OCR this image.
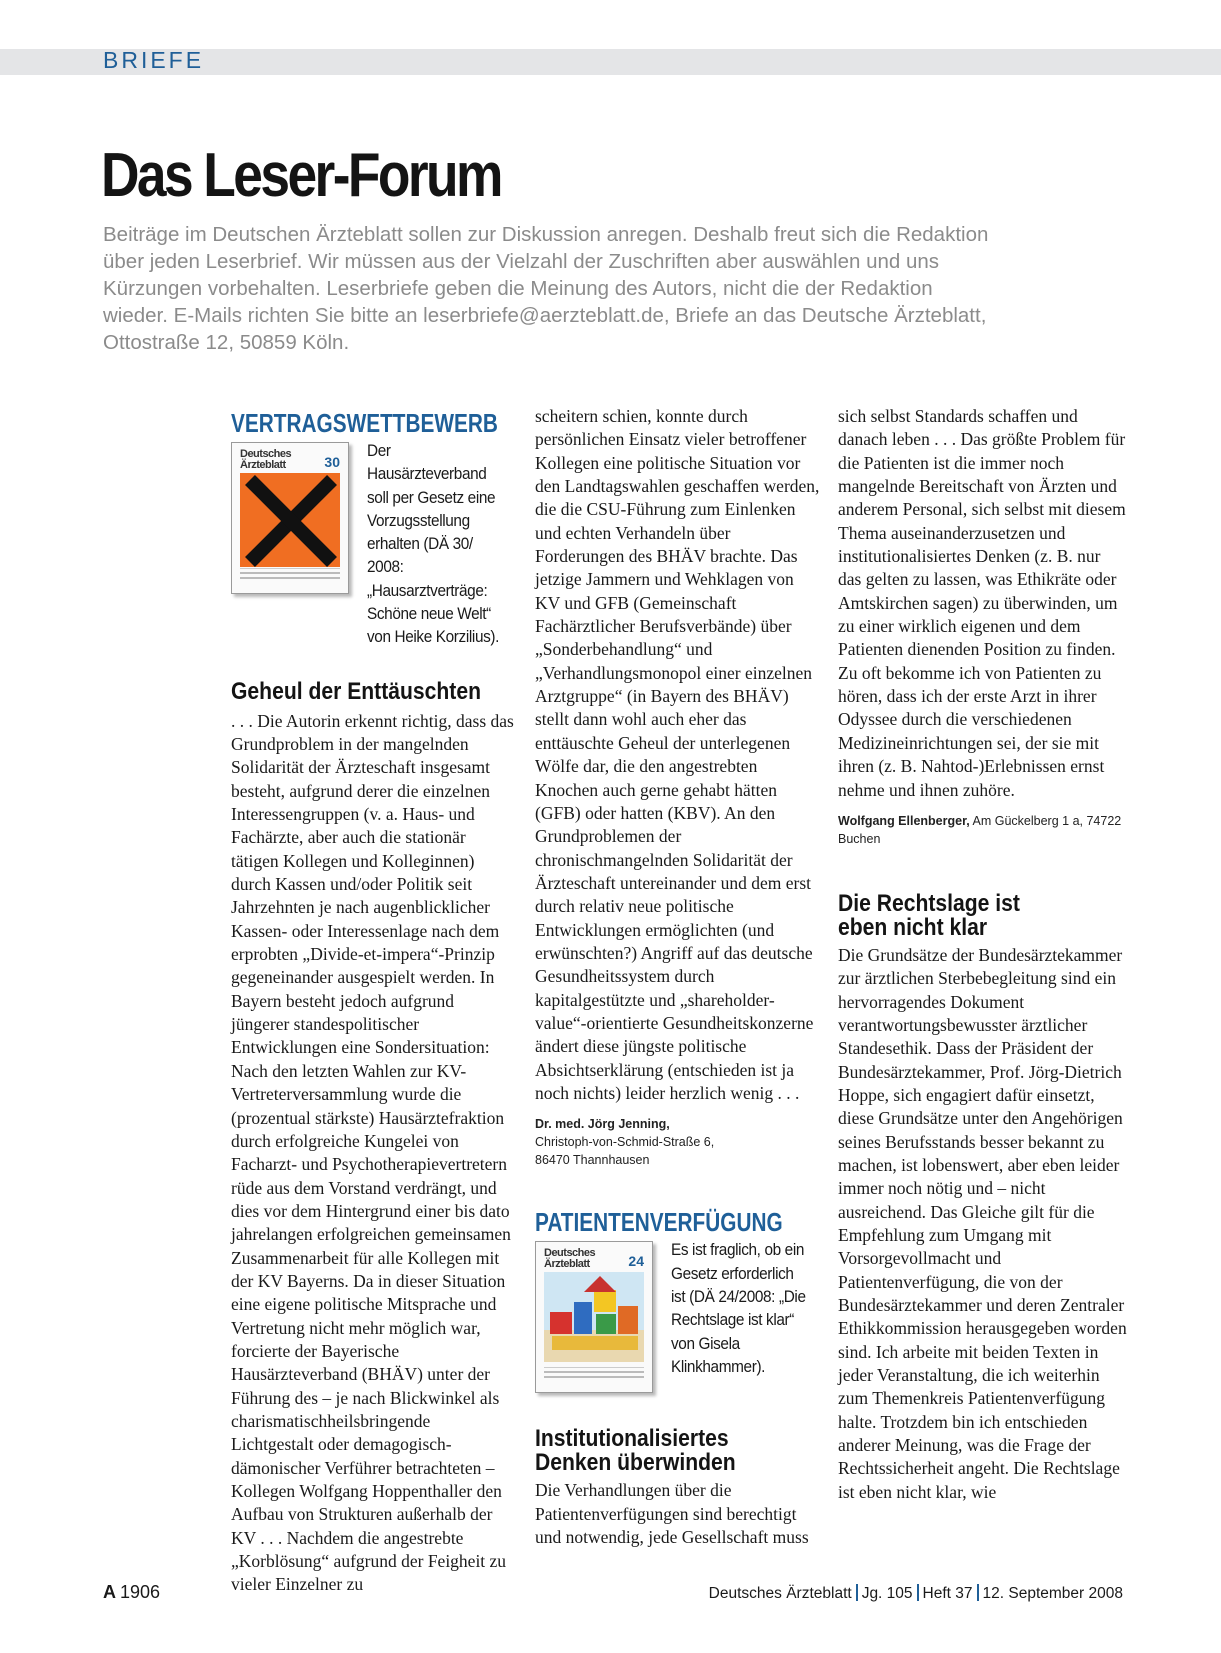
BRIEFE
Das Leser-Forum

Beiträge im Deutschen Ärzteblatt sollen zur Diskussion anregen. Deshalb freut sich die Redaktion über jeden Leserbrief. Wir müssen aus der Vielzahl der Zuschriften aber auswählen und uns Kürzungen vorbehalten. Leserbriefe geben die Meinung des Autors, nicht die der Redaktion wieder. E-Mails richten Sie bitte an leserbriefe@aerzteblatt.de, Briefe an das Deutsche Ärzteblatt, Ottostraße 12, 50859 Köln.

VERTRAGSWETTBEWERB
Deutsches Ärzteblatt	30
Der Hausärzteverband soll per Gesetz eine Vorzugsstellung erhalten (DÄ 30/ 2008: „Hausarztverträge: Schöne neue Welt“ von Heike Korzilius).
Geheul der Enttäuschten

. . . Die Autorin erkennt richtig, dass das Grundproblem in der mangelnden Solidarität der Ärzteschaft insgesamt besteht, aufgrund derer die einzelnen Interessengruppen (v. a. Haus- und Fachärzte, aber auch die stationär tätigen Kollegen und Kolleginnen) durch Kassen und/oder Politik seit Jahrzehnten je nach augenblicklicher Kassen- oder Interessenlage nach dem erprobten „Divide-et-impera“-Prinzip gegeneinander ausgespielt werden. In Bayern besteht jedoch aufgrund jüngerer standespolitischer Entwicklungen eine Sondersituation: Nach den letzten Wahlen zur KV-Vertreterversammlung wurde die (prozentual stärkste) Hausärztefraktion durch erfolgreiche Kungelei von Facharzt- und Psychotherapievertretern rüde aus dem Vorstand verdrängt, und dies vor dem Hintergrund einer bis dato jahrelangen erfolgreichen gemeinsamen Zusammenarbeit für alle Kollegen mit der KV Bayerns. Da in dieser Situation eine eigene politische Mitsprache und Vertretung nicht mehr möglich war, forcierte der Bayerische Hausärzteverband (BHÄV) unter der Führung des – je nach Blickwinkel als charismatischheilsbringende Lichtgestalt oder demagogisch-dämonischer Verführer betrachteten – Kollegen Wolfgang Hoppenthaller den Aufbau von Strukturen außerhalb der KV . . . Nachdem die angestrebte „Korblösung“ aufgrund der Feigheit zu vieler Einzelner zu

scheitern schien, konnte durch persönlichen Einsatz vieler betroffener Kollegen eine politische Situation vor den Landtagswahlen geschaffen werden, die die CSU-Führung zum Einlenken und echten Verhandeln über Forderungen des BHÄV brachte. Das jetzige Jammern und Wehklagen von KV und GFB (Gemeinschaft Fachärztlicher Berufsverbände) über „Sonderbehandlung“ und „Verhandlungsmonopol einer einzelnen Arztgruppe“ (in Bayern des BHÄV) stellt dann wohl auch eher das enttäuschte Geheul der unterlegenen Wölfe dar, die den angestrebten Knochen auch gerne gehabt hätten (GFB) oder hatten (KBV). An den Grundproblemen der chronischmangelnden Solidarität der Ärzteschaft untereinander und dem erst durch relativ neue politische Entwicklungen ermöglichten (und erwünschten?) Angriff auf das deutsche Gesundheitssystem durch kapitalgestützte und „shareholder-value“-orientierte Gesundheitskonzerne ändert diese jüngste politische Absichtserklärung (entschieden ist ja noch nichts) leider herzlich wenig . . .

Dr. med. Jörg Jenning,
Christoph-von-Schmid-Straße 6,
86470 Thannhausen
PATIENTENVERFÜGUNG
Deutsches Ärzteblatt	24
Es ist fraglich, ob ein Gesetz erforderlich ist (DÄ 24/2008: „Die Rechtslage ist klar“ von Gisela Klinkhammer).
Institutionalisiertes
Denken überwinden

Die Verhandlungen über die Patientenverfügungen sind berechtigt und notwendig, jede Gesellschaft muss

sich selbst Standards schaffen und danach leben . . . Das größte Problem für die Patienten ist die immer noch mangelnde Bereitschaft von Ärzten und anderem Personal, sich selbst mit diesem Thema auseinanderzusetzen und institutionalisiertes Denken (z. B. nur das gelten zu lassen, was Ethikräte oder Amtskirchen sagen) zu überwinden, um zu einer wirklich eigenen und dem Patienten dienenden Position zu finden. Zu oft bekomme ich von Patienten zu hören, dass ich der erste Arzt in ihrer Odyssee durch die verschiedenen Medizineinrichtungen sei, der sie mit ihren (z. B. Nahtod-)Erlebnissen ernst nehme und ihnen zuhöre.

Wolfgang Ellenberger, Am Gückelberg 1 a, 74722 Buchen
Die Rechtslage ist
eben nicht klar

Die Grundsätze der Bundesärztekammer zur ärztlichen Sterbebegleitung sind ein hervorragendes Dokument verantwortungsbewusster ärztlicher Standesethik. Dass der Präsident der Bundesärztekammer, Prof. Jörg-Dietrich Hoppe, sich engagiert dafür einsetzt, diese Grundsätze unter den Angehörigen seines Berufsstands besser bekannt zu machen, ist lobenswert, aber eben leider immer noch nötig und – nicht ausreichend. Das Gleiche gilt für die Empfehlung zum Umgang mit Vorsorgevollmacht und Patientenverfügung, die von der Bundesärztekammer und deren Zentraler Ethikkommission herausgegeben worden sind. Ich arbeite mit beiden Texten in jeder Veranstaltung, die ich weiterhin zum Themenkreis Patientenverfügung halte. Trotzdem bin ich entschieden anderer Meinung, was die Frage der Rechtssicherheit angeht. Die Rechtslage ist eben nicht klar, wie

A 1906	Deutsches Ärzteblatt Jg. 105 Heft 37 12. September 2008
